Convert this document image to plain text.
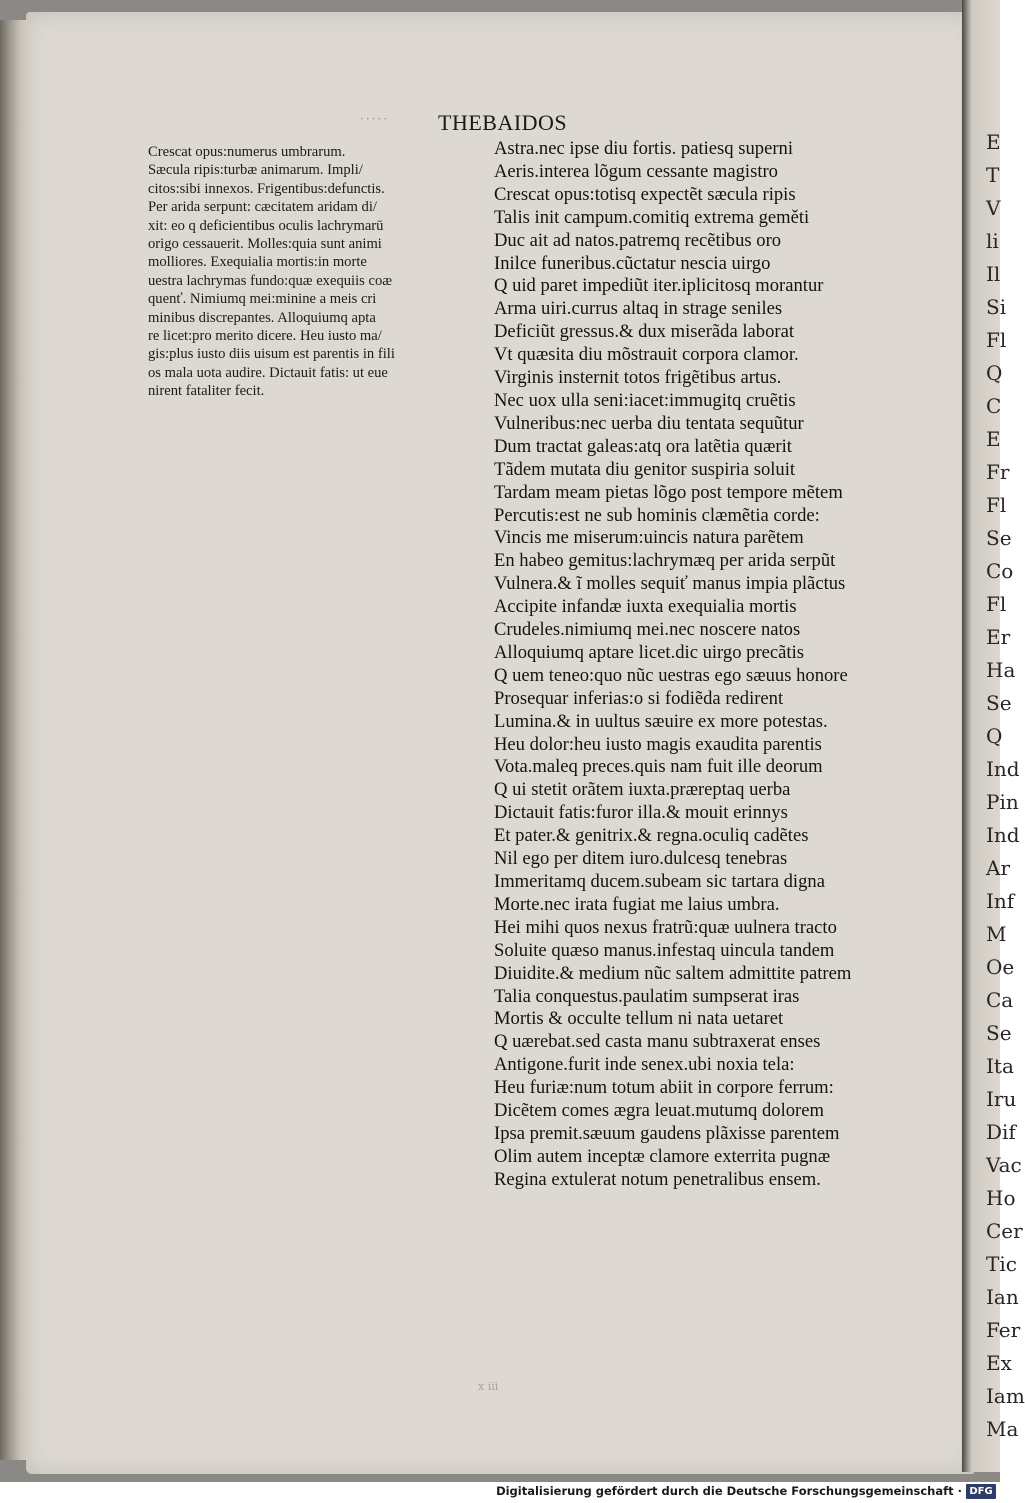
E
T
V
li
Il
Si
Fl
Q
C
E
Fr
Fl
Se
Co
Fl
Er
Ha
Se
Q
Ind
Pin
Ind
Ar
Inf
M
Oe
Ca
Se
Ita
Iru
Dif
Vac
Ho
Cer
Tic
Ian
Fer
Ex
Iam
Ma
····· THEBAIDOS
Crescat opus:numerus umbrarum.
Sæcula ripis:turbæ animarum. Impli/
citos:sibi innexos. Frigentibus:defunctis.
Per arida serpunt: cæcitatem aridam di/
xit: eo q deficientibus oculis lachrymarū
origo cessauerit. Molles:quia sunt animi
molliores. Exequialia mortis:in morte
uestra lachrymas fundo:quæ exequiis coæ
quenť. Nimiumq mei:minine a meis cri
minibus discrepantes. Alloquiumq apta
re licet:pro merito dicere. Heu iusto ma/
gis:plus iusto diis uisum est parentis in fili
os mala uota audire. Dictauit fatis: ut eue
nirent fataliter fecit.
Astra.nec ipse diu fortis. patiesq superni
Aeris.interea lõgum cessante magistro
Crescat opus:totisq expectẽt sæcula ripis
Talis init campum.comitiq extrema geměti
Duc ait ad natos.patremq recẽtibus oro
Inilce funeribus.cũctatur nescia uirgo
Q uid paret impediũt iter.iplicitosq morantur
Arma uiri.currus altaq in strage seniles
Deficiũt gressus.& dux miserãda laborat
Vt quæsita diu mõstrauit corpora clamor.
Virginis insternit totos frigẽtibus artus.
Nec uox ulla seni:iacet:immugitq cruẽtis
Vulneribus:nec uerba diu tentata sequũtur
Dum tractat galeas:atq ora latẽtia quærit
Tãdem mutata diu genitor suspiria soluit
Tardam meam pietas lõgo post tempore mẽtem
Percutis:est ne sub hominis clæmẽtia corde:
Vincis me miserum:uincis natura parẽtem
En habeo gemitus:lachrymæq per arida serpũt
Vulnera.& ĩ molles sequiť manus impia plãctus
Accipite infandæ iuxta exequialia mortis
Crudeles.nimiumq mei.nec noscere natos
Alloquiumq aptare licet.dic uirgo precãtis
Q uem teneo:quo nũc uestras ego sæuus honore
Prosequar inferias:o si fodiẽda redirent
Lumina.& in uultus sæuire ex more potestas.
Heu dolor:heu iusto magis exaudita parentis
Vota.maleq preces.quis nam fuit ille deorum
Q ui stetit orãtem iuxta.præreptaq uerba
Dictauit fatis:furor illa.& mouit erinnys
Et pater.& genitrix.& regna.oculiq cadẽtes
Nil ego per ditem iuro.dulcesq tenebras
Immeritamq ducem.subeam sic tartara digna
Morte.nec irata fugiat me laius umbra.
Hei mihi quos nexus fratrũ:quæ uulnera tracto
Soluite quæso manus.infestaq uincula tandem
Diuidite.& medium nũc saltem admittite patrem
Talia conquestus.paulatim sumpserat iras
Mortis & occulte tellum ni nata uetaret
Q uærebat.sed casta manu subtraxerat enses
Antigone.furit inde senex.ubi noxia tela:
Heu furiæ:num totum abiit in corpore ferrum:
Dicẽtem comes ægra leuat.mutumq dolorem
Ipsa premit.sæuum gaudens plãxisse parentem
Olim autem inceptæ clamore exterrita pugnæ
Regina extulerat notum penetralibus ensem.
x iii
Digitalisierung gefördert durch die Deutsche Forschungsgemeinschaft · DFG
